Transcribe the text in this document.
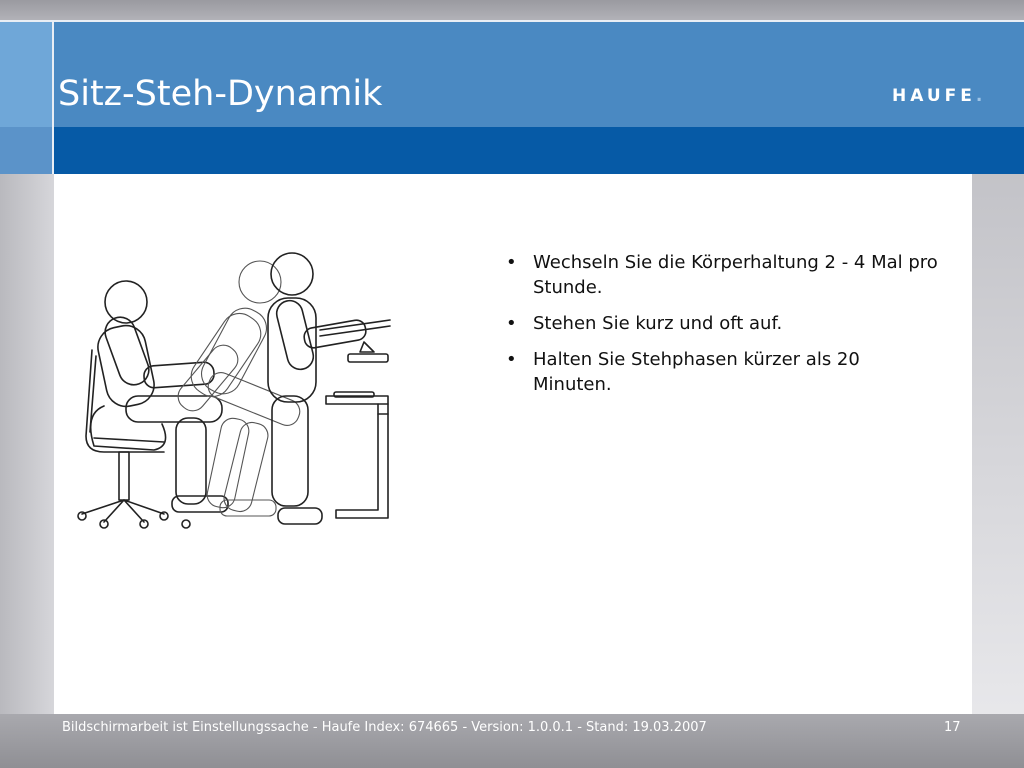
Sitz-Steh-Dynamik	HAUFE.
• Wechseln Sie die Körperhaltung 2 - 4 Mal pro Stunde.
• Stehen Sie kurz und oft auf.
• Halten Sie Stehphasen kürzer als 20 Minuten.
Bildschirmarbeit ist Einstellungssache - Haufe Index: 674665 - Version: 1.0.0.1 - Stand: 19.03.2007	17
